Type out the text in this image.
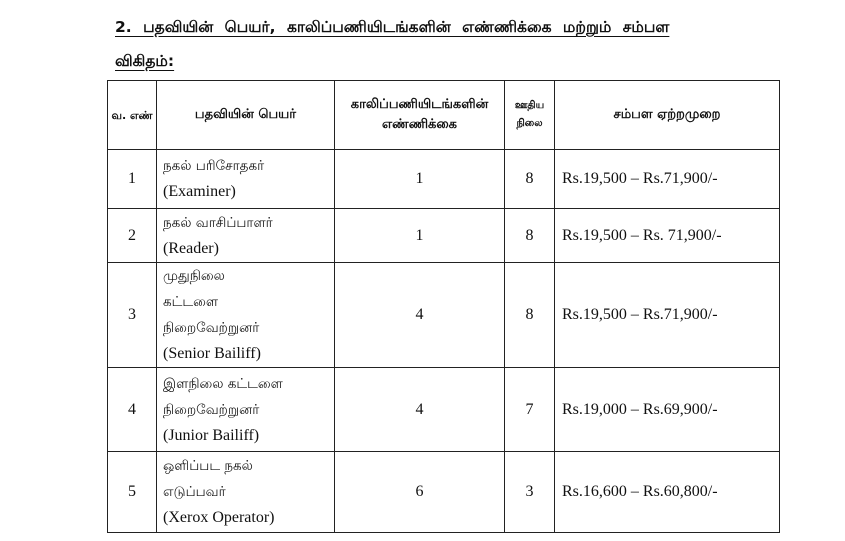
2. பதவியின் பெயர், காலிப்பணியிடங்களின் எண்ணிக்கை மற்றும் சம்பள
விகிதம்:
வ. எண்	பதவியின் பெயர்	காலிப்பணியிடங்களின் எண்ணிக்கை	ஊதிய நிலை	சம்பள ஏற்றமுறை
1	நகல் பரிசோதகர்
(Examiner)	1	8	Rs.19,500 – Rs.71,900/-
2	நகல் வாசிப்பாளர்
(Reader)	1	8	Rs.19,500 – Rs. 71,900/-
3	முதுநிலை
கட்டளை
நிறைவேற்றுனர்
(Senior Bailiff)	4	8	Rs.19,500 – Rs.71,900/-
4	இளநிலை கட்டளை
நிறைவேற்றுனர்
(Junior Bailiff)	4	7	Rs.19,000 – Rs.69,900/-
5	ஒளிப்பட நகல்
எடுப்பவர்
(Xerox Operator)	6	3	Rs.16,600 – Rs.60,800/-
